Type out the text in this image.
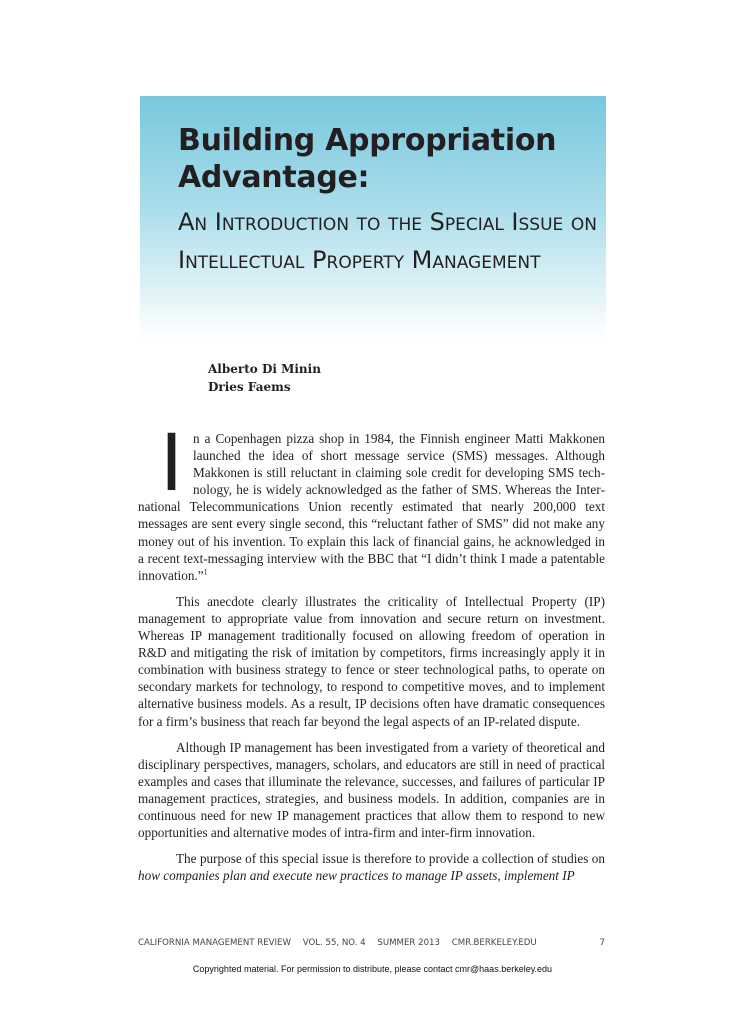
Building Appropriation Advantage:
An Introduction to the Special Issue on Intellectual Property Management
Alberto Di Minin
Dries Faems

In a Copenhagen pizza shop in 1984, the Finnish engineer Matti Makkonen launched the idea of short message service (SMS) messages. Although Makkonen is still reluctant in claiming sole credit for developing SMS technology, he is widely acknowledged as the father of SMS. Whereas the International Telecommunications Union recently estimated that nearly 200,000 text messages are sent every single second, this “reluctant father of SMS” did not make any money out of his invention. To explain this lack of financial gains, he acknowledged in a recent text-messaging interview with the BBC that “I didn’t think I made a patentable innovation.”$^1$

This anecdote clearly illustrates the criticality of Intellectual Property (IP) management to appropriate value from innovation and secure return on investment. Whereas IP management traditionally focused on allowing freedom of operation in R&D and mitigating the risk of imitation by competitors, firms increasingly apply it in combination with business strategy to fence or steer technological paths, to operate on secondary markets for technology, to respond to competitive moves, and to implement alternative business models. As a result, IP decisions often have dramatic consequences for a firm’s business that reach far beyond the legal aspects of an IP-related dispute.

Although IP management has been investigated from a variety of theoretical and disciplinary perspectives, managers, scholars, and educators are still in need of practical examples and cases that illuminate the relevance, successes, and failures of particular IP management practices, strategies, and business models. In addition, companies are in continuous need for new IP management practices that allow them to respond to new opportunities and alternative modes of intra-firm and inter-firm innovation.

The purpose of this special issue is therefore to provide a collection of studies on how companies plan and execute new practices to manage IP assets, implement IP

CALIFORNIA MANAGEMENT REVIEW VOL. 55, NO. 4 SUMMER 2013 CMR.BERKELEY.EDU	7
Copyrighted material. For permission to distribute, please contact cmr@haas.berkeley.edu
